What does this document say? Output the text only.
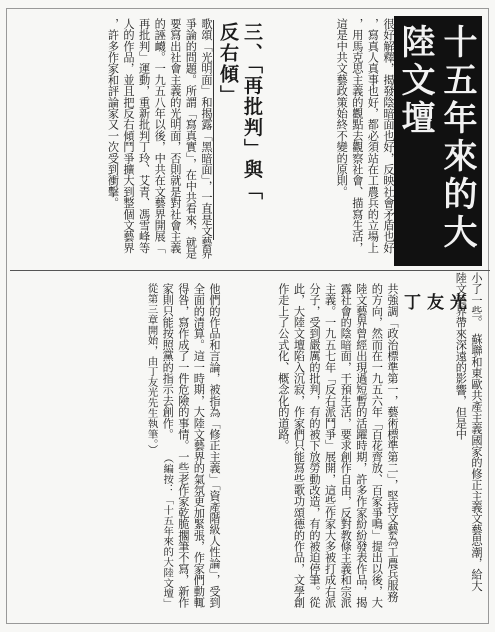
十五年來的大陸文壇
小了一些。　蘇聯和東歐共產主義國家的修正主義文藝思潮，給大陸文藝界帶來深遠的影響，但是中
丁友光
共強調「政治標準第一，藝術標準第二」，堅持文藝為工農兵服務的方向，然而在一九五六年「百花齊放、百家爭鳴」提出以後，大陸文藝界曾經出現過短暫的活躍時期，許多作家紛紛發表作品，揭露社會的陰暗面，干預生活，要求創作自由，反對教條主義和宗派主義。一九五七年「反右派鬥爭」展開，這些作家大多被打成右派分子，受到嚴厲的批判，有的被下放勞動改造，有的被迫停筆。從此，大陸文壇陷入沉寂，作家們只能寫些歌功頌德的作品，文學創作走上了公式化、概念化的道路。
很好解釋，揭發陰暗面也好，反映社會矛盾也好，寫真人真事也好，都必須站在工農兵的立場上，用馬克思主義的觀點去觀察社會、描寫生活，這是中共文藝政策始終不變的原則。
三、「再批判」與「反右傾」
歌頌「光明面」和揭露「黑暗面」，一直是文藝界爭論的問題。所謂「寫真實」，在中共看來，就是要寫出社會主義的光明面，否則就是對社會主義的誣衊。一九五八年以後，中共在文藝界開展「再批判」運動，重新批判丁玲、艾青、馮雪峰等人的作品，並且把反右傾鬥爭擴大到整個文藝界，許多作家和評論家又一次受到衝擊。
他們的作品和言論，被指為「修正主義」「資產階級人性論」，受到全面的清算。這一時期，大陸文藝界的氣氛更加緊張，作家們動輒得咎，寫作成了一件危險的事情。一些老作家乾脆擱筆不寫，新作家則只能按照黨的指示去創作。 （編按：「十五年來的大陸文壇」從第三章開始，由丁友光先生執筆。）
